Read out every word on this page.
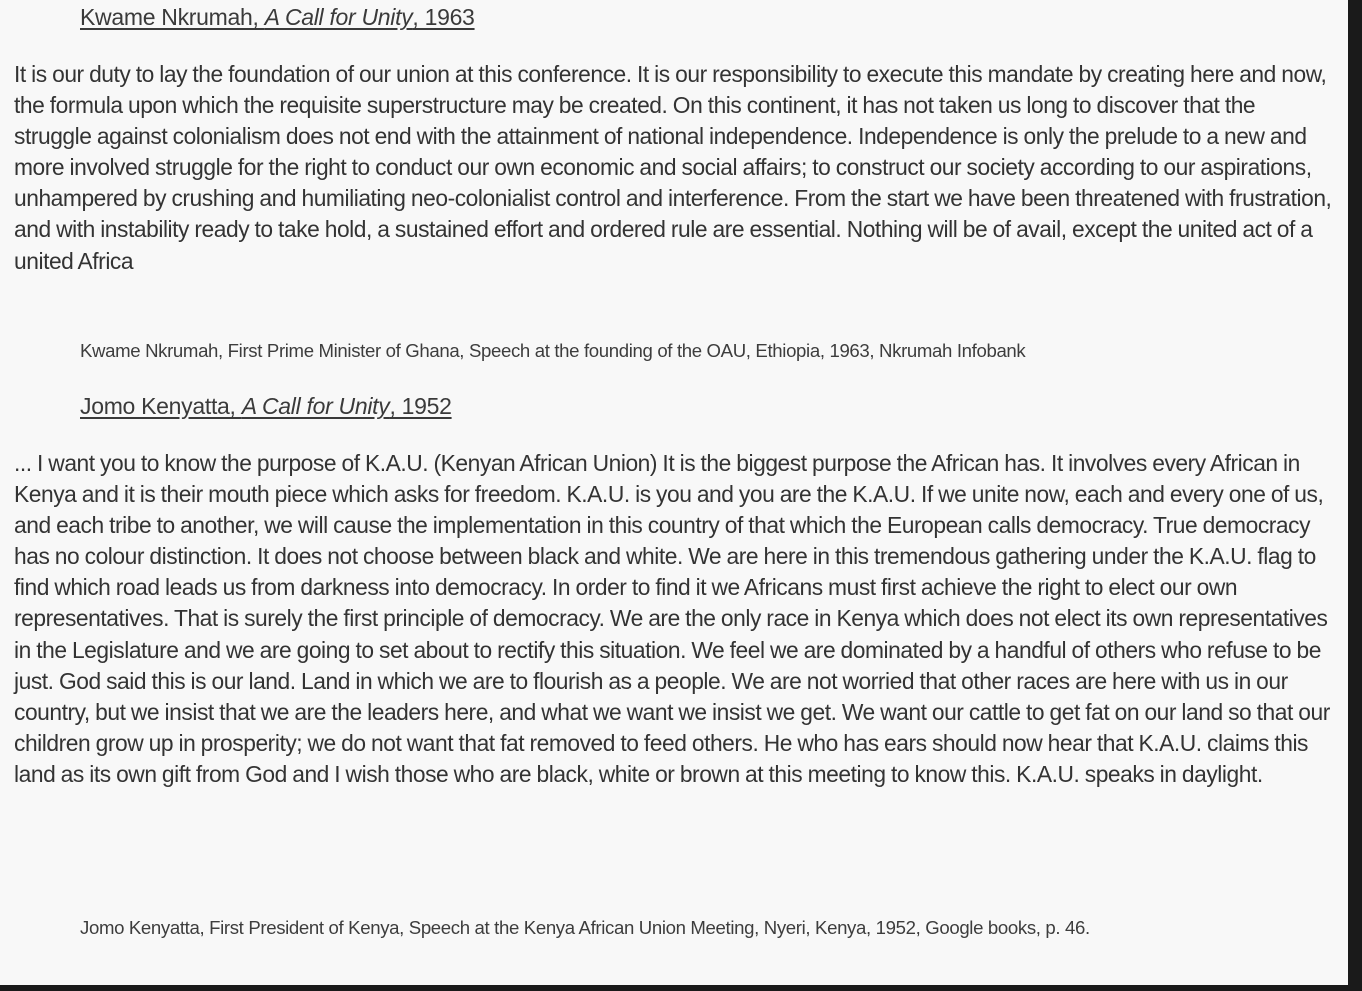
Kwame Nkrumah, A Call for Unity, 1963

It is our duty to lay the foundation of our union at this conference. It is our responsibility to execute this mandate by creating here and now, the formula upon which the requisite superstructure may be created. On this continent, it has not taken us long to discover that the struggle against colonialism does not end with the attainment of national independence. Independence is only the prelude to a new and more involved struggle for the right to conduct our own economic and social affairs; to construct our society according to our aspirations, unhampered by crushing and humiliating neo-colonialist control and interference. From the start we have been threatened with frustration, and with instability ready to take hold, a sustained effort and ordered rule are essential. Nothing will be of avail, except the united act of a united Africa

Kwame Nkrumah, First Prime Minister of Ghana, Speech at the founding of the OAU, Ethiopia, 1963, Nkrumah Infobank

Jomo Kenyatta, A Call for Unity, 1952

... I want you to know the purpose of K.A.U. (Kenyan African Union) It is the biggest purpose the African has. It involves every African in Kenya and it is their mouth piece which asks for freedom. K.A.U. is you and you are the K.A.U. If we unite now, each and every one of us, and each tribe to another, we will cause the implementation in this country of that which the European calls democracy. True democracy has no colour distinction. It does not choose between black and white. We are here in this tremendous gathering under the K.A.U. flag to find which road leads us from darkness into democracy. In order to find it we Africans must first achieve the right to elect our own representatives. That is surely the first principle of democracy. We are the only race in Kenya which does not elect its own representatives in the Legislature and we are going to set about to rectify this situation. We feel we are dominated by a handful of others who refuse to be just. God said this is our land. Land in which we are to flourish as a people. We are not worried that other races are here with us in our country, but we insist that we are the leaders here, and what we want we insist we get. We want our cattle to get fat on our land so that our children grow up in prosperity; we do not want that fat removed to feed others. He who has ears should now hear that K.A.U. claims this land as its own gift from God and I wish those who are black, white or brown at this meeting to know this. K.A.U. speaks in daylight.

Jomo Kenyatta, First President of Kenya, Speech at the Kenya African Union Meeting, Nyeri, Kenya, 1952, Google books, p. 46.
